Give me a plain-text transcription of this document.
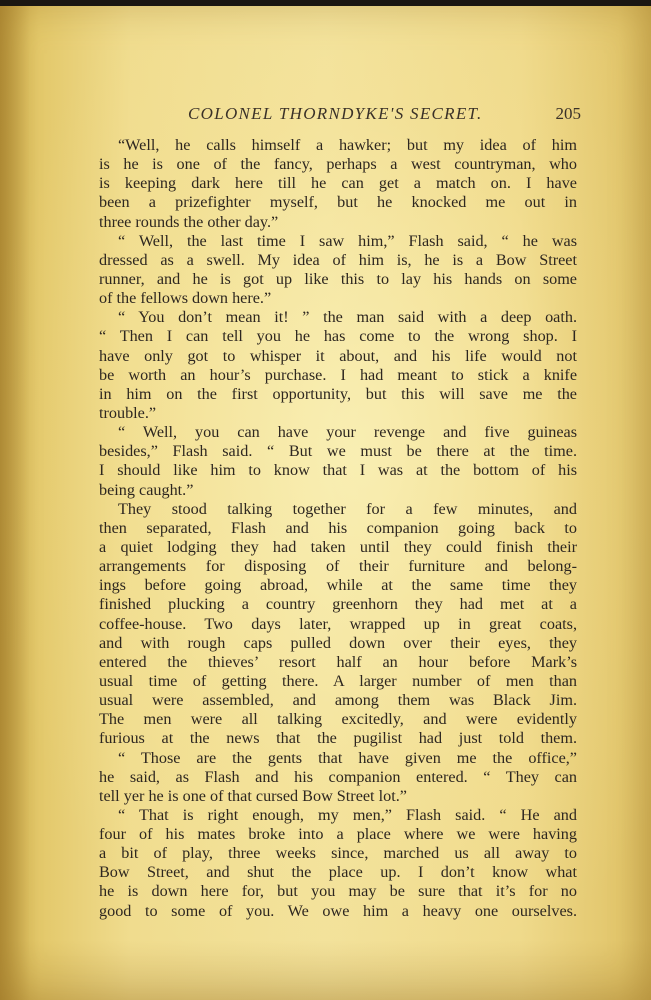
COLONEL THORNDYKE'S SECRET.	205
“Well, he calls himself a hawker; but my idea of him
is he is one of the fancy, perhaps a west countryman, who
is keeping dark here till he can get a match on. I have
been a prizefighter myself, but he knocked me out in
three rounds the other day.”
“ Well, the last time I saw him,” Flash said, “ he was
dressed as a swell. My idea of him is, he is a Bow Street
runner, and he is got up like this to lay his hands on some
of the fellows down here.”
“ You don’t mean it! ” the man said with a deep oath.
“ Then I can tell you he has come to the wrong shop. I
have only got to whisper it about, and his life would not
be worth an hour’s purchase. I had meant to stick a knife
in him on the first opportunity, but this will save me the
trouble.”
“ Well, you can have your revenge and five guineas
besides,” Flash said. “ But we must be there at the time.
I should like him to know that I was at the bottom of his
being caught.”
They stood talking together for a few minutes, and
then separated, Flash and his companion going back to
a quiet lodging they had taken until they could finish their
arrangements for disposing of their furniture and belong-
ings before going abroad, while at the same time they
finished plucking a country greenhorn they had met at a
coffee-house. Two days later, wrapped up in great coats,
and with rough caps pulled down over their eyes, they
entered the thieves’ resort half an hour before Mark’s
usual time of getting there. A larger number of men than
usual were assembled, and among them was Black Jim.
The men were all talking excitedly, and were evidently
furious at the news that the pugilist had just told them.
“ Those are the gents that have given me the office,”
he said, as Flash and his companion entered. “ They can
tell yer he is one of that cursed Bow Street lot.”
“ That is right enough, my men,” Flash said. “ He and
four of his mates broke into a place where we were having
a bit of play, three weeks since, marched us all away to
Bow Street, and shut the place up. I don’t know what
he is down here for, but you may be sure that it’s for no
good to some of you. We owe him a heavy one ourselves.
